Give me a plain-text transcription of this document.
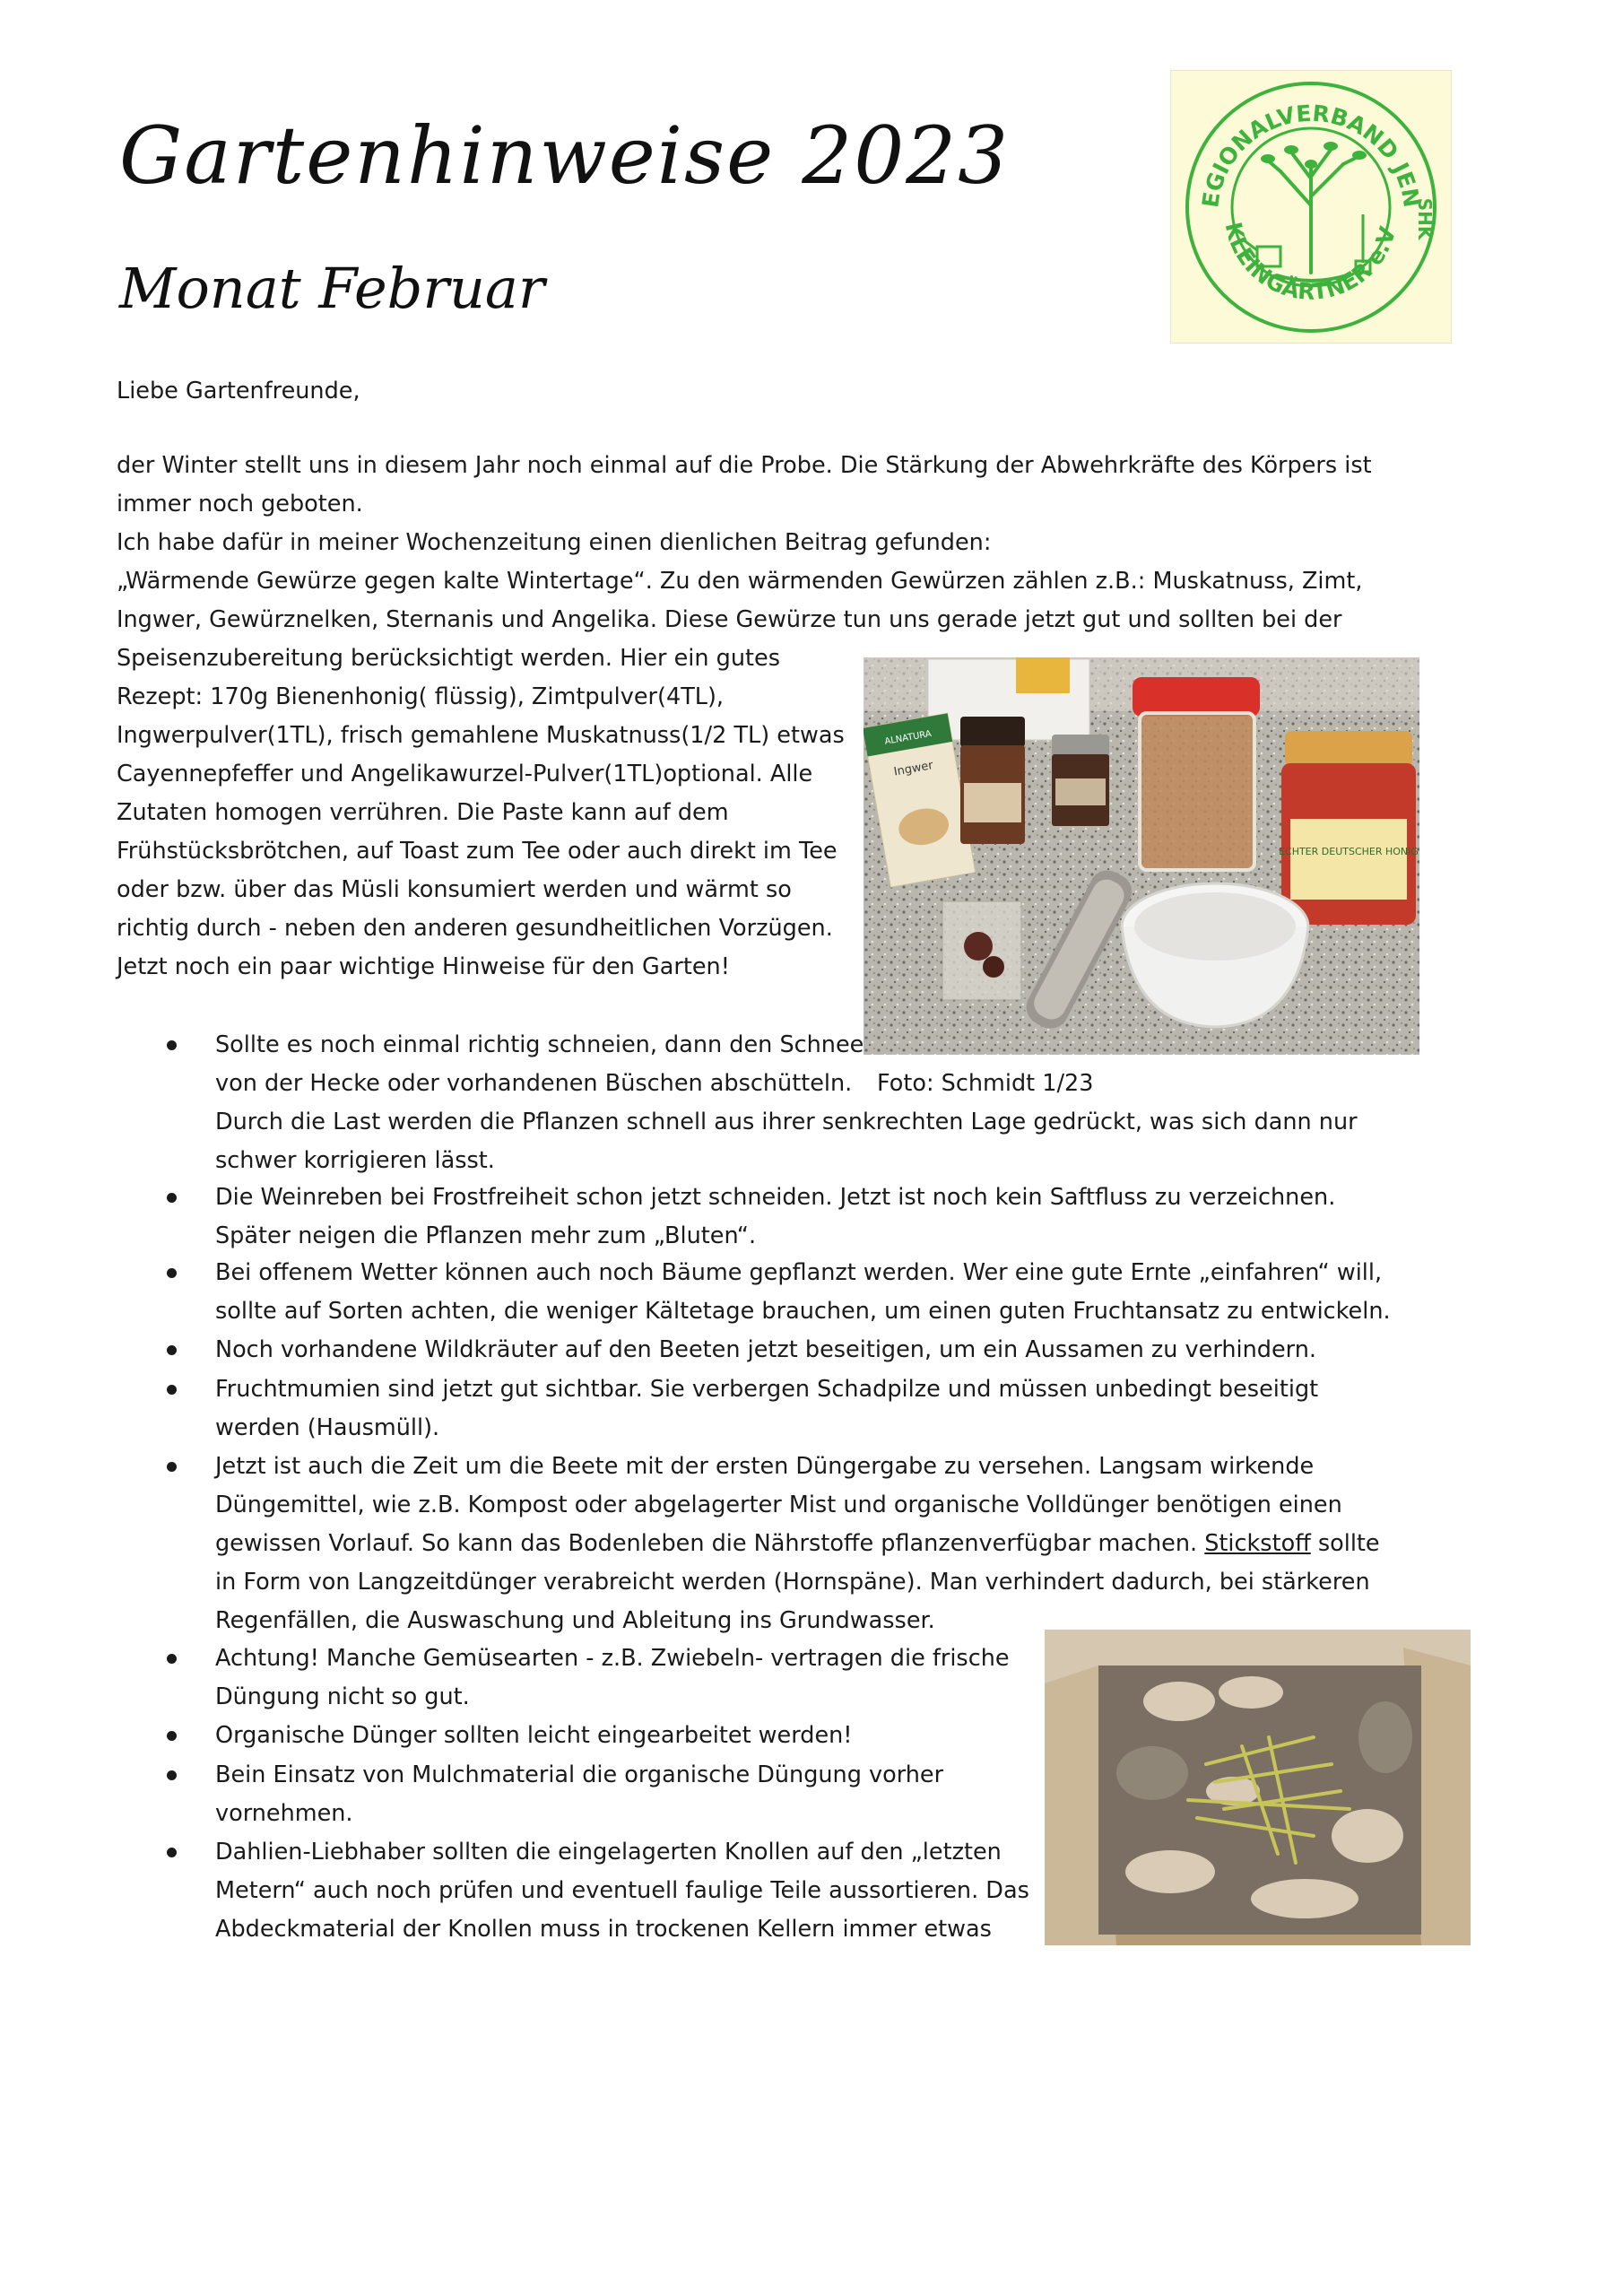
Gartenhinweise 2023
Monat Februar
EGIONALVERBAND JEN
KLEINGÄRTNER e.V SHK
Liebe Gartenfreunde,
der Winter stellt uns in diesem Jahr noch einmal auf die Probe. Die Stärkung der Abwehrkräfte des Körpers ist
immer noch geboten.
Ich habe dafür in meiner Wochenzeitung einen dienlichen Beitrag gefunden:
„Wärmende Gewürze gegen kalte Wintertage“. Zu den wärmenden Gewürzen zählen z.B.: Muskatnuss, Zimt,
Ingwer, Gewürznelken, Sternanis und Angelika. Diese Gewürze tun uns gerade jetzt gut und sollten bei der
Speisenzubereitung berücksichtigt werden. Hier ein gutes
Rezept: 170g Bienenhonig( flüssig), Zimtpulver(4TL),
Ingwerpulver(1TL), frisch gemahlene Muskatnuss(1/2 TL) etwas
Cayennepfeffer und Angelikawurzel-Pulver(1TL)optional. Alle
Zutaten homogen verrühren. Die Paste kann auf dem
Frühstücksbrötchen, auf Toast zum Tee oder auch direkt im Tee
oder bzw. über das Müsli konsumiert werden und wärmt so
richtig durch - neben den anderen gesundheitlichen Vorzügen.
Jetzt noch ein paar wichtige Hinweise für den Garten!
ALNATURA
Ingwer
ECHTER DEUTSCHER HONIG
Foto: Schmidt 1/23
Sollte es noch einmal richtig schneien, dann den Schnee
von der Hecke oder vorhandenen Büschen abschütteln.
Durch die Last werden die Pflanzen schnell aus ihrer senkrechten Lage gedrückt, was sich dann nur
schwer korrigieren lässt.
Die Weinreben bei Frostfreiheit schon jetzt schneiden. Jetzt ist noch kein Saftfluss zu verzeichnen.
Später neigen die Pflanzen mehr zum „Bluten“.
Bei offenem Wetter können auch noch Bäume gepflanzt werden. Wer eine gute Ernte „einfahren“ will,
sollte auf Sorten achten, die weniger Kältetage brauchen, um einen guten Fruchtansatz zu entwickeln.
Noch vorhandene Wildkräuter auf den Beeten jetzt beseitigen, um ein Aussamen zu verhindern.
Fruchtmumien sind jetzt gut sichtbar. Sie verbergen Schadpilze und müssen unbedingt beseitigt
werden (Hausmüll).
Jetzt ist auch die Zeit um die Beete mit der ersten Düngergabe zu versehen. Langsam wirkende
Düngemittel, wie z.B. Kompost oder abgelagerter Mist und organische Volldünger benötigen einen
gewissen Vorlauf. So kann das Bodenleben die Nährstoffe pflanzenverfügbar machen. Stickstoff sollte
in Form von Langzeitdünger verabreicht werden (Hornspäne). Man verhindert dadurch, bei stärkeren
Regenfällen, die Auswaschung und Ableitung ins Grundwasser.
Achtung! Manche Gemüsearten - z.B. Zwiebeln- vertragen die frische
Düngung nicht so gut.
Organische Dünger sollten leicht eingearbeitet werden!
Bein Einsatz von Mulchmaterial die organische Düngung vorher
vornehmen.
Dahlien-Liebhaber sollten die eingelagerten Knollen auf den „letzten
Metern“ auch noch prüfen und eventuell faulige Teile aussortieren. Das
Abdeckmaterial der Knollen muss in trockenen Kellern immer etwas
